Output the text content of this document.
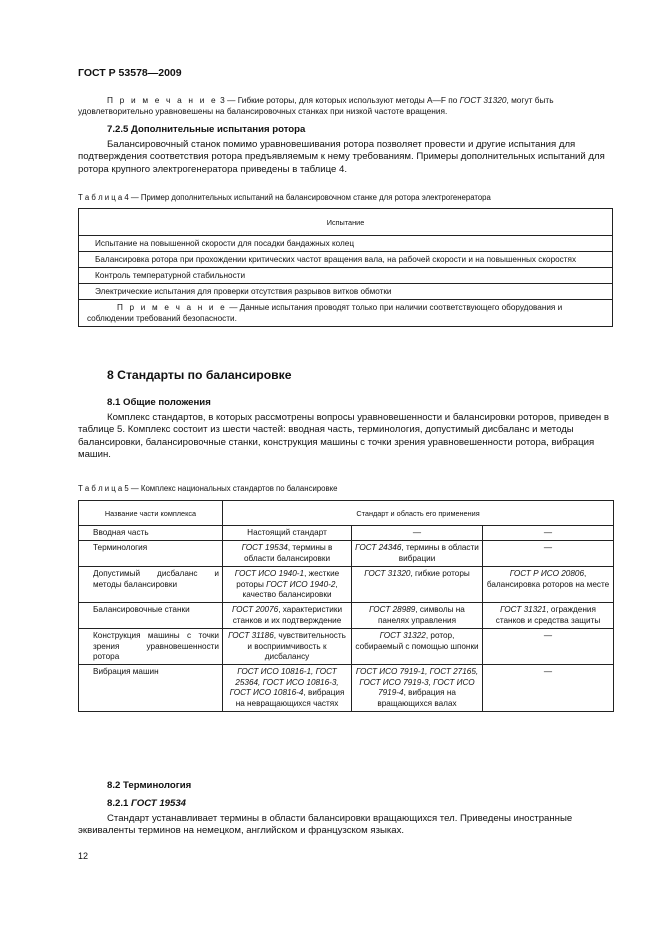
ГОСТ Р 53578—2009
П р и м е ч а н и е 3 — Гибкие роторы, для которых используют методы А—F по ГОСТ 31320, могут быть удовлетворительно уравновешены на балансировочных станках при низкой частоте вращения.
7.2.5 Дополнительные испытания ротора
Балансировочный станок помимо уравновешивания ротора позволяет провести и другие испытания для подтверждения соответствия ротора предъявляемым к нему требованиям. Примеры дополнительных испытаний для ротора крупного электрогенератора приведены в таблице 4.
Т а б л и ц а 4 — Пример дополнительных испытаний на балансировочном станке для ротора электрогенератора
Испытание
Испытание на повышенной скорости для посадки бандажных колец
Балансировка ротора при прохождении критических частот вращения вала, на рабочей скорости и на повышенных скоростях
Контроль температурной стабильности
Электрические испытания для проверки отсутствия разрывов витков обмотки
П р и м е ч а н и е — Данные испытания проводят только при наличии соответствующего оборудования и соблюдении требований безопасности.
8 Стандарты по балансировке
8.1 Общие положения
Комплекс стандартов, в которых рассмотрены вопросы уравновешенности и балансировки роторов, приведен в таблице 5. Комплекс состоит из шести частей: вводная часть, терминология, допустимый дисбаланс и методы балансировки, балансировочные станки, конструкция машины с точки зрения уравновешенности ротора, вибрация машин.
Т а б л и ц а 5 — Комплекс национальных стандартов по балансировке
Название части комплекса	Стандарт и область его применения		
Вводная часть	Настоящий стандарт	—	—
Терминология	ГОСТ 19534, термины в области балансировки	ГОСТ 24346, термины в области вибрации	—
Допустимый дисбаланс и методы балансировки	ГОСТ ИСО 1940-1, жесткие роторы ГОСТ ИСО 1940-2, качество балансировки	ГОСТ 31320, гибкие роторы	ГОСТ Р ИСО 20806, балансировка роторов на месте
Балансировочные станки	ГОСТ 20076, характеристики станков и их подтверждение	ГОСТ 28989, символы на панелях управления	ГОСТ 31321, ограждения станков и средства защиты
Конструкция машины с точки зрения уравновешенности ротора	ГОСТ 31186, чувствительность и восприимчивость к дисбалансу	ГОСТ 31322, ротор, собираемый с помощью шпонки	—
Вибрация машин	ГОСТ ИСО 10816-1, ГОСТ 25364, ГОСТ ИСО 10816-3, ГОСТ ИСО 10816-4, вибрация на невращающихся частях	ГОСТ ИСО 7919-1, ГОСТ 27165, ГОСТ ИСО 7919-3, ГОСТ ИСО 7919-4, вибрация на вращающихся валах	—
8.2 Терминология
8.2.1 ГОСТ 19534
Стандарт устанавливает термины в области балансировки вращающихся тел. Приведены иностранные эквиваленты терминов на немецком, английском и французском языках.
12
